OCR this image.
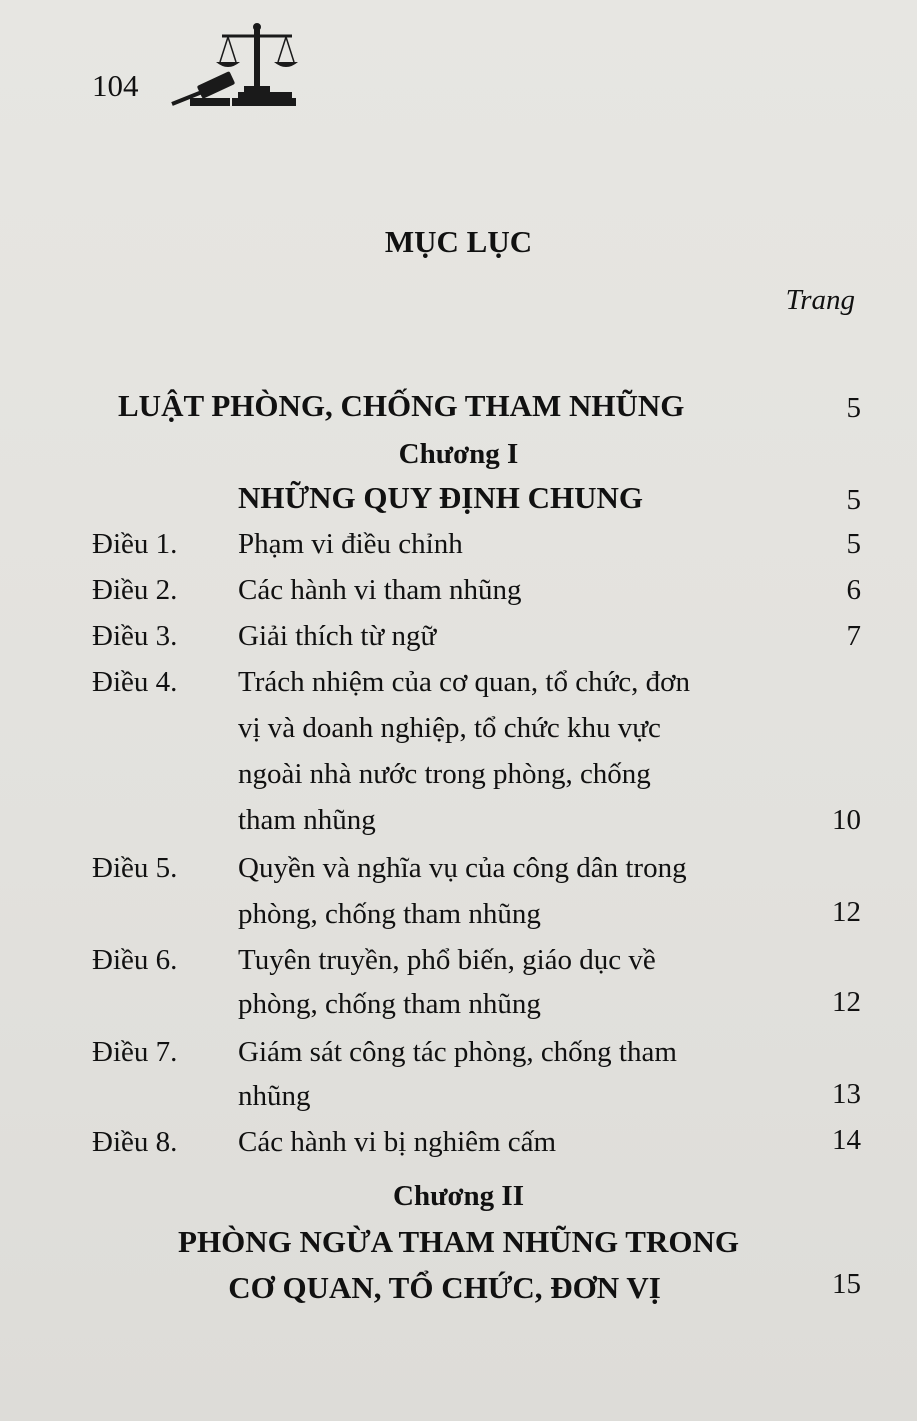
104
MỤC LỤC
Trang
LUẬT PHÒNG, CHỐNG THAM NHŨNG	5
Chương I
NHỮNG QUY ĐỊNH CHUNG	5
Điều 1. Phạm vi điều chỉnh	5
Điều 2. Các hành vi tham nhũng	6
Điều 3. Giải thích từ ngữ	7
Điều 4. Trách nhiệm của cơ quan, tổ chức, đơn
vị và doanh nghiệp, tổ chức khu vực
ngoài nhà nước trong phòng, chống
tham nhũng	10
Điều 5. Quyền và nghĩa vụ của công dân trong
phòng, chống tham nhũng	12
Điều 6. Tuyên truyền, phổ biến, giáo dục về
phòng, chống tham nhũng	12
Điều 7. Giám sát công tác phòng, chống tham
nhũng	13
Điều 8. Các hành vi bị nghiêm cấm	14
Chương II
PHÒNG NGỪA THAM NHŨNG TRONG
CƠ QUAN, TỔ CHỨC, ĐƠN VỊ	15
